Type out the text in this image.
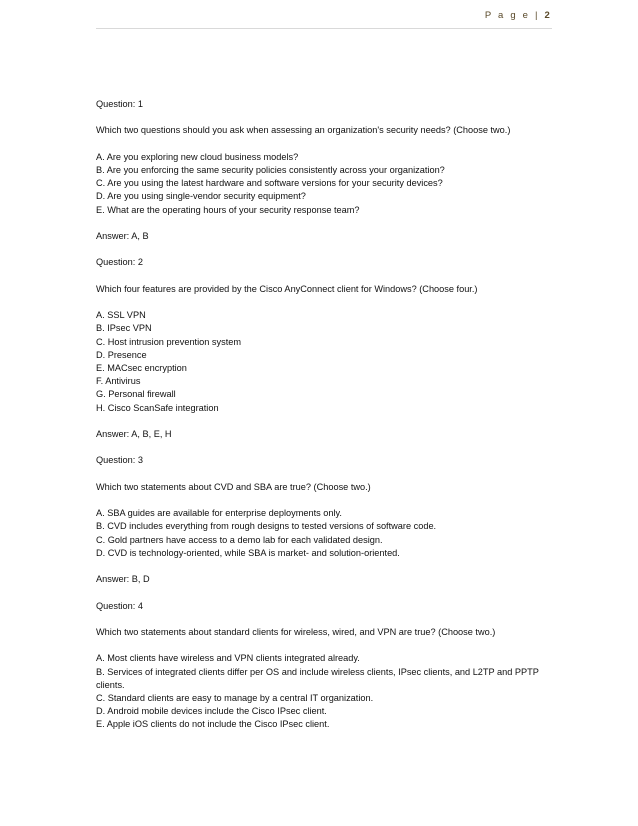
P a g e | 2

Question: 1

Which two questions should you ask when assessing an organization's security needs? (Choose two.)

A. Are you exploring new cloud business models?
B. Are you enforcing the same security policies consistently across your organization?
C. Are you using the latest hardware and software versions for your security devices?
D. Are you using single-vendor security equipment?
E. What are the operating hours of your security response team?

Answer: A, B

Question: 2

Which four features are provided by the Cisco AnyConnect client for Windows? (Choose four.)

A. SSL VPN
B. IPsec VPN
C. Host intrusion prevention system
D. Presence
E. MACsec encryption
F. Antivirus
G. Personal firewall
H. Cisco ScanSafe integration

Answer: A, B, E, H

Question: 3

Which two statements about CVD and SBA are true? (Choose two.)

A. SBA guides are available for enterprise deployments only.
B. CVD includes everything from rough designs to tested versions of software code.
C. Gold partners have access to a demo lab for each validated design.
D. CVD is technology-oriented, while SBA is market- and solution-oriented.

Answer: B, D

Question: 4

Which two statements about standard clients for wireless, wired, and VPN are true? (Choose two.)

A. Most clients have wireless and VPN clients integrated already.
B. Services of integrated clients differ per OS and include wireless clients, IPsec clients, and L2TP and PPTP clients.
C. Standard clients are easy to manage by a central IT organization.
D. Android mobile devices include the Cisco IPsec client.
E. Apple iOS clients do not include the Cisco IPsec client.
